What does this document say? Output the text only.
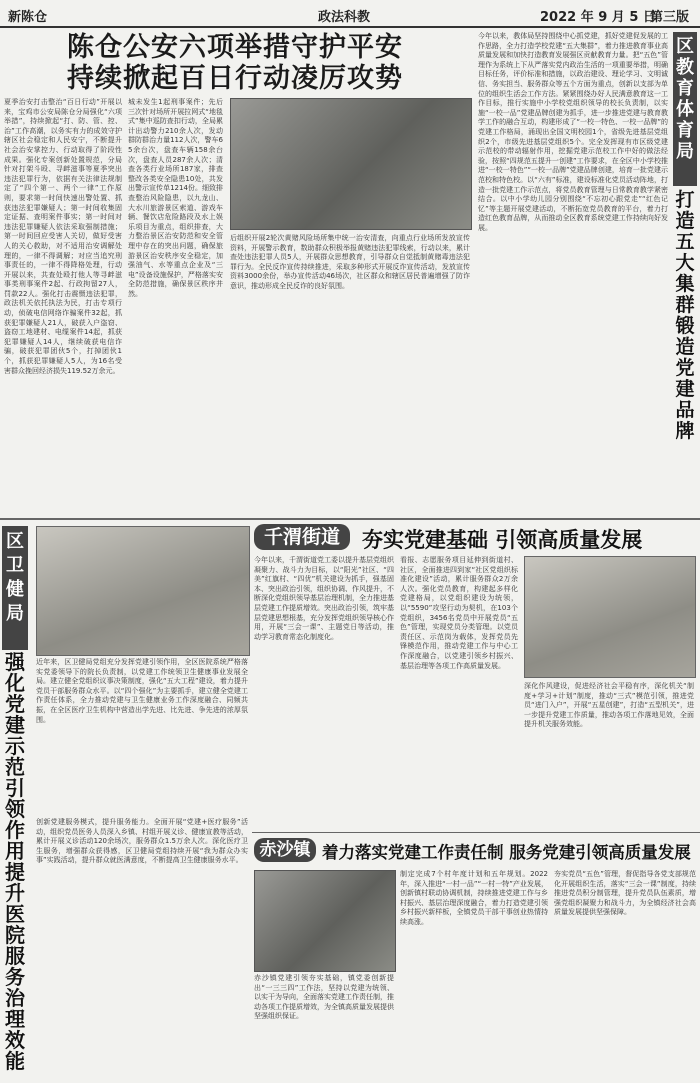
新陈仓	政法科教	2022 年 9 月 5 日
第三版
陈仓公安六项举措守护平安
持续掀起百日行动凌厉攻势
夏季治安打击整治“百日行动”开展以来，宝鸡市公安局陈仓分局强化“六项举措”，持续掀起“打、防、管、控、治”工作高潮，以务实有力的成效守护辖区社会稳定和人民安宁，不断提升社会治安掌控力、行动取得了阶段性成果。强化专案创新处置规范，分局针对打架斗殴、寻衅滋事等夏季突出违法犯罪行为，依据有关法律法规制定了“四个第一、两个一律”工作原则，要求第一时间快速出警处置、抓获违法犯罪嫌疑人；第一时间收集固定证据、查明案件事实；第一时间对违法犯罪嫌疑人依法采取强制措施；第一时间回应受害人关切，做好受害人的关心救助，对不适用治安调解处理的，一律不得调解；对应当追究刑事责任的，一律不得降格处理，行动开展以来，共查处殴打他人等寻衅滋事类刑事案件2起、行政拘留27人，罚款22人。强化打击震慑违法犯罪，政法机关依托执法为民，打击专项行动，侦破电信网络诈骗案件32起，抓获犯罪嫌疑人21人，破获入户盗窃、盗窃工地建材、电缆案件14起，抓获犯罪嫌疑人14人，继续破获电信诈骗，破获犯罪团伙5个，打掉团伙1个，抓获犯罪嫌疑人5人，为16名受害群众挽回经济损失119.52万余元。
城未发生1起刑事案件；先后三次针对场所开展拉网式“地毯式”集中巡防查扣行动，全局累计出动警力210余人次，发动群防群治力量112人次，警车65余台次，盘查车辆158余台次，盘查人员287余人次；清查各类行业场所187家，排查整改各类安全隐患10处，共发出警示宣传单1214份。细致排查整治风险隐患，以九龙山、大水川旅游景区索道、游戏车辆、餐饮店危险路段及水上娱乐项目为重点，组织排查，大力整治景区治安防范和安全管理中存在的突出问题，确保旅游景区治安秩序安全稳定，加强油气、水等重点企业及“三电”设备设施保护，严格落实安全防范措施，确保景区秩序井然。
后组织开展2轮次黄赌风险场所集中统一治安清查，向重点行业场所发放宣传资料，开展警示教育，数助群众积极举报黄赌违法犯罪线索，行动以来，累计查处违法犯罪人员5人，开展群众思想教育，引导群众自觉抵制黄赌毒违法犯罪行为。全民反诈宣传持续推进，采取多种形式开展反诈宣传活动，发放宣传资料3000余份，举办宣传活动46场次，社区群众和辖区居民普遍增强了防诈意识，推动形成全民反诈的良好氛围。
今年以来，教体局坚持围绕中心抓党建，抓好党建促发展的工作思路，全力打造学校党建“五大集群”，着力推进教育事业高质量发展和加快打造教育发展强区贡献教育力量。把“五色”管理作为系统上下从严落实党内政治生活的一项重要举措，明确目标任务，评价标准和措施，以政治建设、理论学习、文明诚信、务实担当、服务群众等五个方面为重点，创新以支部为单位的组织生活会工作方法。紧紧围绕办好人民满意教育这一工作目标，推行实施中小学校党组织领导的校长负责制，以实施“一校一品”党建品牌创建为抓手，进一步推进党建与教育教学工作的融合互动，构建形成了“一校一特色、一校一品牌”的党建工作格局，涌现出全国文明校园1个，省级先进基层党组织2个，市级先进基层党组织5个。完全发挥现有市区级党建示范校的带动辐射作用，挖掘党建示范校工作中好的做法经验，按照“四规范五提升一创建”工作要求，在全区中小学校推进“一校一特色”“一校一品牌”党建品牌创建，培育一批党建示范校和特色校。以“六有”标准，建设标准化党员活动阵地，打造一批党建工作示范点，将党员教育管理与日常教育教学紧密结合。以中小学幼儿园分别围绕“不忘初心跟党走”“红色记忆”等主题开展党建活动，不断拓宽党员教育的平台，着力打造红色教育品牌，从而推动全区教育系统党建工作持续向好发展。
区教育体育局
打造五大集群 锻造党建品牌
千渭街道	夯实党建基础 引领高质量发展
今年以来，千渭街道党工委以提升基层党组织凝聚力、战斗力为目标，以“阳光”社区、“四美”红旗村、“四优”机关建设为抓手，强基固本、突出政治引领，组织协调、作风提升，不断深化党组织领导基层治理机制，全力推进基层党建工作提质增效。突出政治引领，筑牢基层党建思想根基，充分发挥党组织领导核心作用，开展“三会一课”、主题党日等活动，推动学习教育常态化制度化。
看报、志愿服务项目延伸到街道村、社区，全面推进四到家“社区党组织标准化建设”活动，累计服务群众2万余人次。强化党员教育，构建起多样化党建格局，以党组织建设为统领，以“5590”攻坚行动为契机，在103个党组织，3456名党员中开展党员“五色”管理，实现党员分类管理。以党员责任区、示范岗为载体，发挥党员先锋模范作用，推动党建工作与中心工作深度融合，以党建引领乡村振兴、基层治理等各项工作高质量发展。
深化作风建设，促进经济社会平稳有序，深化机关“制度+学习+计划”制度，推动“三式”模范引领，推进党员“进门入户”，开展“五星创建”，打造“五型机关”，进一步提升党建工作质量，推动各项工作落地见效，全面提升机关服务效能。
区卫健局
强化党建示范引领作用 提升医院服务治理效能
近年来，区卫健局党组充分发挥党建引领作用，全区医院系统严格落实党委领导下的院长负责制，以党建工作统领卫生健康事业发展全局。建立健全党组织议事决策制度，强化“五大工程”建设，着力提升党员干部服务群众水平。以“四个强化”为主要抓手，建立健全党建工作责任体系，全力推动党建与卫生健康业务工作深度融合、同频共振，在全区医疗卫生机构中营造出学先进、比先进、争先进的浓厚氛围。
创新党建服务模式，提升服务能力。全面开展“党建+医疗服务”活动，组织党员医务人员深入乡镇、村组开展义诊、健康宣教等活动，累计开展义诊活动120余场次，服务群众1.5万余人次。深化医疗卫生服务，增强群众获得感，区卫健局党组持续开展“我为群众办实事”实践活动，提升群众就医满意度，不断提高卫生健康服务水平。
赤沙镇 着力落实党建工作责任制 服务党建引领高质量发展
赤沙镇党建引领夯实基础，镇党委创新提出“一三三四”工作法，坚持以党建为统领、以实干为导向，全面落实党建工作责任制，推动各项工作提质增效，为全镇高质量发展提供坚强组织保证。
制定完成7个村年度计划和五年规划。2022年，深入推进“一村一品”“一村一特”产业发展，创新镇村联动协调机制，持续推进党建工作与乡村振兴、基层治理深度融合，着力打造党建引领乡村振兴新样板，全镇党员干部干事创业热情持续高涨。
夯实党员“五色”管理，督促指导各党支部规范化开展组织生活，落实“三会一课”制度，持续推进党员积分制管理，提升党员队伍素质，增强党组织凝聚力和战斗力，为全镇经济社会高质量发展提供坚强保障。
